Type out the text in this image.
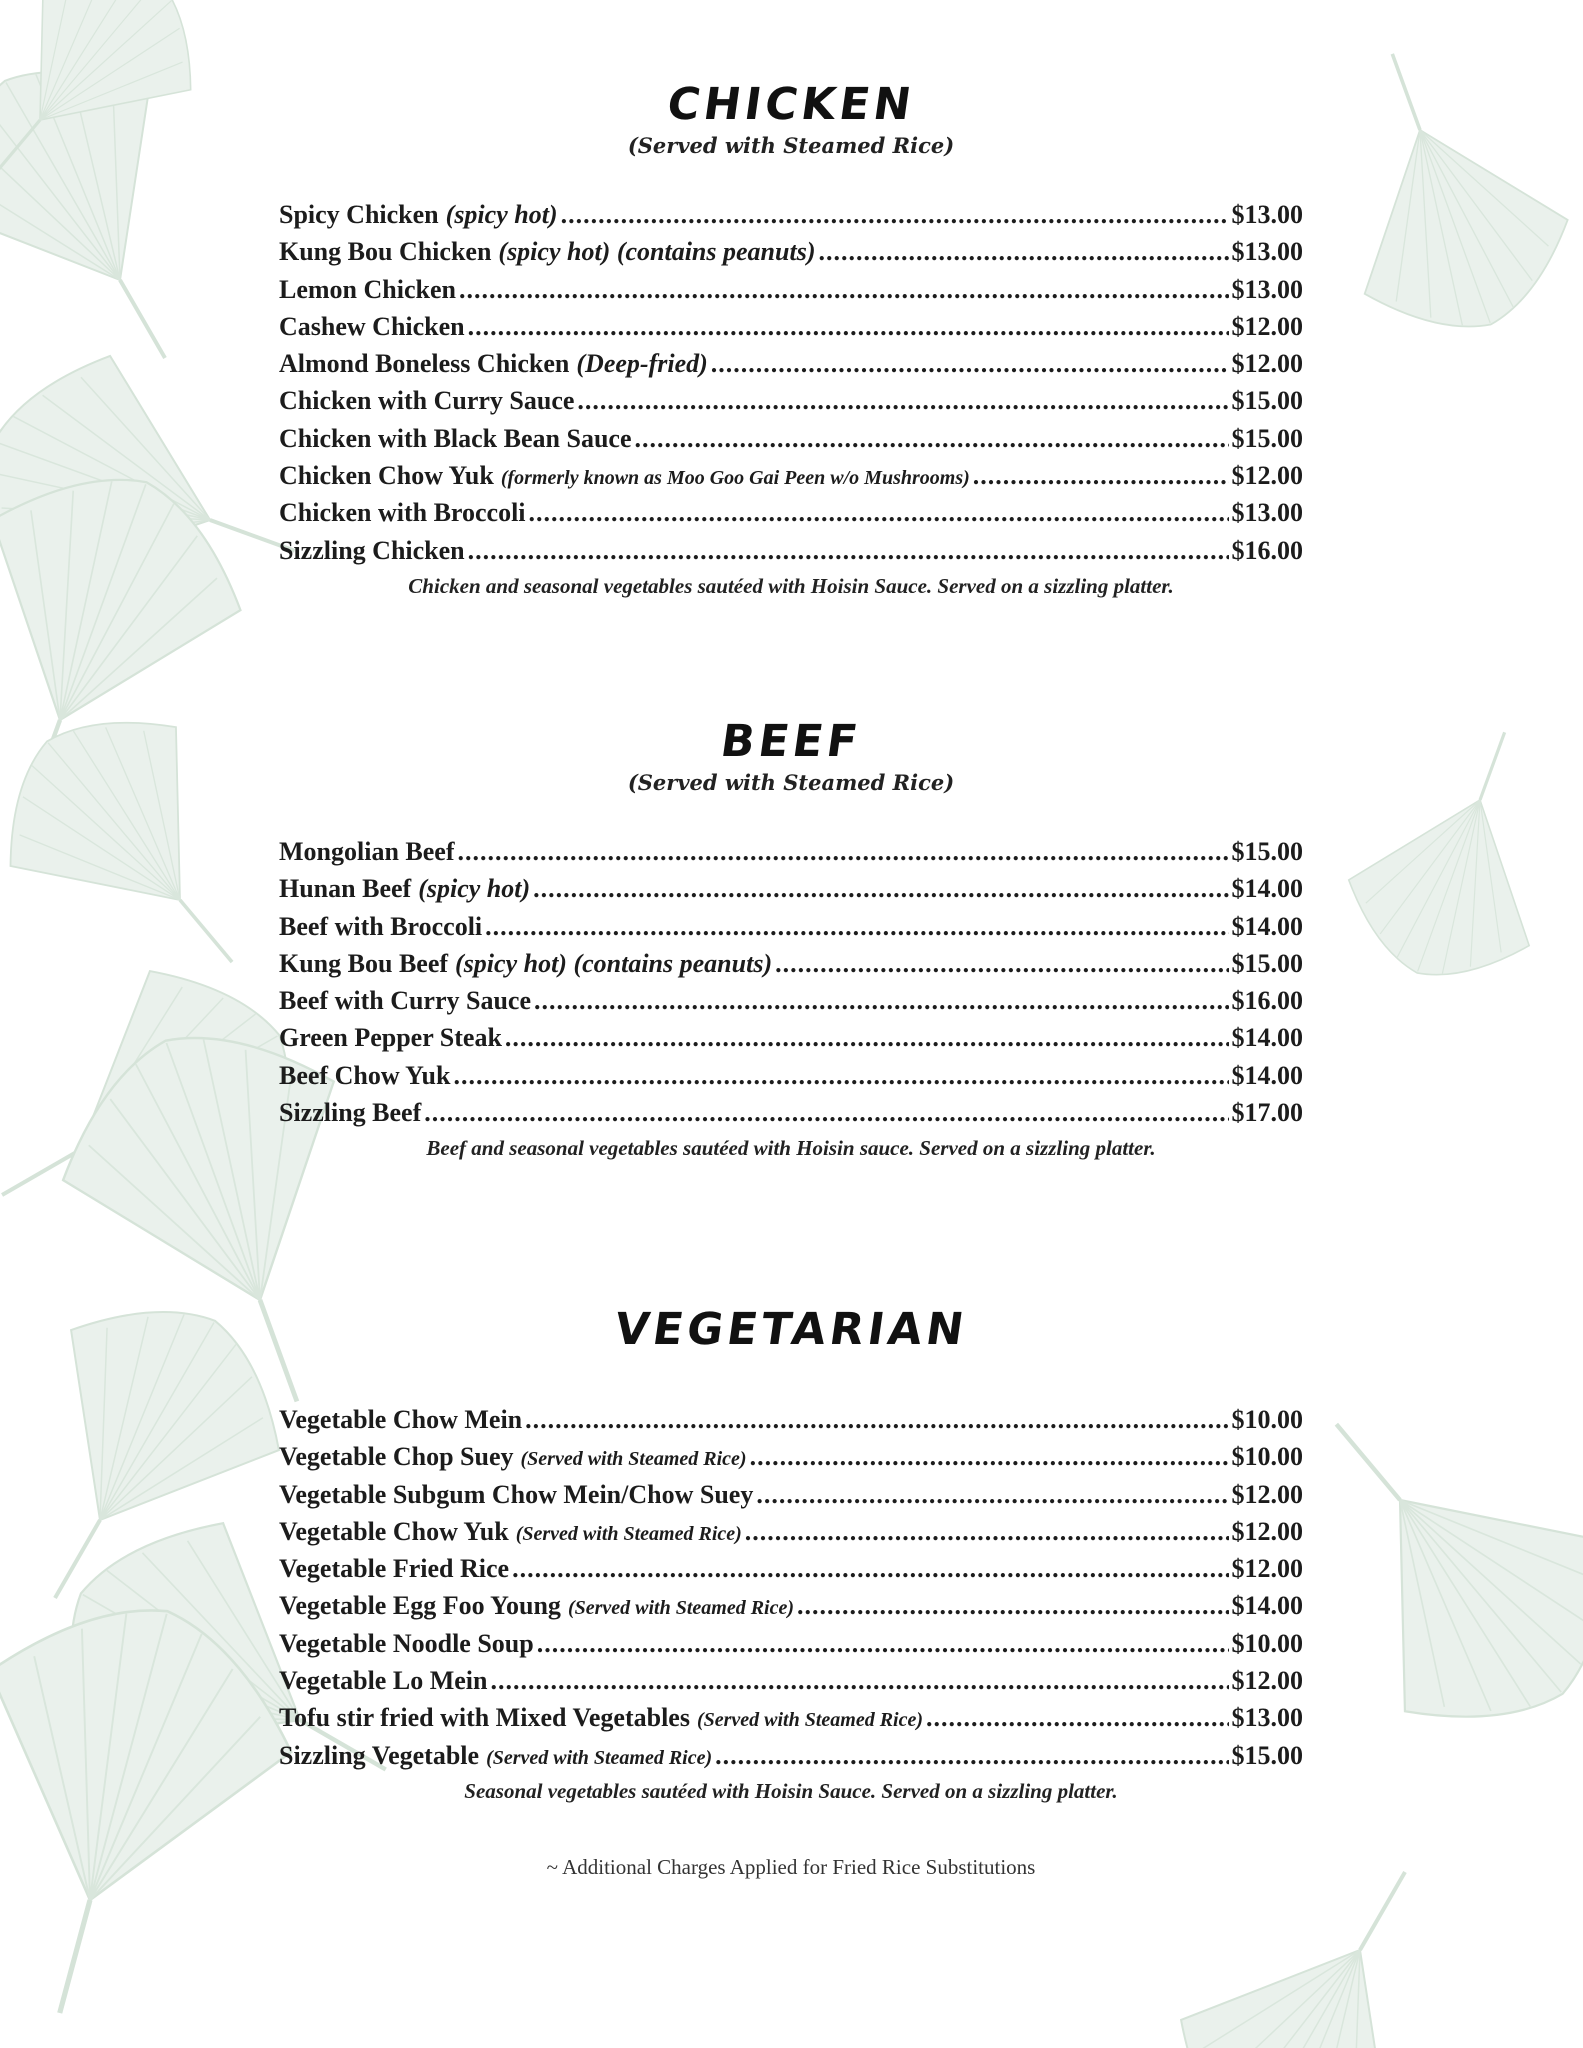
CHICKEN

(Served with Steamed Rice)

Spicy Chicken (spicy hot) .....	$13.00
Kung Bou Chicken (spicy hot) (contains peanuts) .....	$13.00
Lemon Chicken .....	$13.00
Cashew Chicken .....	$12.00
Almond Boneless Chicken (Deep-fried) .....	$12.00
Chicken with Curry Sauce .....	$15.00
Chicken with Black Bean Sauce .....	$15.00
Chicken Chow Yuk (formerly known as Moo Goo Gai Peen w/o Mushrooms) .....	$12.00
Chicken with Broccoli .....	$13.00
Sizzling Chicken .....	$16.00

Chicken and seasonal vegetables sautéed with Hoisin Sauce. Served on a sizzling platter.

BEEF

(Served with Steamed Rice)

Mongolian Beef .....	$15.00
Hunan Beef (spicy hot) .....	$14.00
Beef with Broccoli .....	$14.00
Kung Bou Beef (spicy hot) (contains peanuts) .....	$15.00
Beef with Curry Sauce .....	$16.00
Green Pepper Steak .....	$14.00
Beef Chow Yuk .....	$14.00
Sizzling Beef .....	$17.00

Beef and seasonal vegetables sautéed with Hoisin sauce. Served on a sizzling platter.

VEGETARIAN
Vegetable Chow Mein .....	$10.00
Vegetable Chop Suey (Served with Steamed Rice) .....	$10.00
Vegetable Subgum Chow Mein/Chow Suey .....	$12.00
Vegetable Chow Yuk (Served with Steamed Rice) .....	$12.00
Vegetable Fried Rice .....	$12.00
Vegetable Egg Foo Young (Served with Steamed Rice) .....	$14.00
Vegetable Noodle Soup .....	$10.00
Vegetable Lo Mein .....	$12.00
Tofu stir fried with Mixed Vegetables (Served with Steamed Rice) .....	$13.00
Sizzling Vegetable (Served with Steamed Rice) .....	$15.00

Seasonal vegetables sautéed with Hoisin Sauce. Served on a sizzling platter.

~ Additional Charges Applied for Fried Rice Substitutions
